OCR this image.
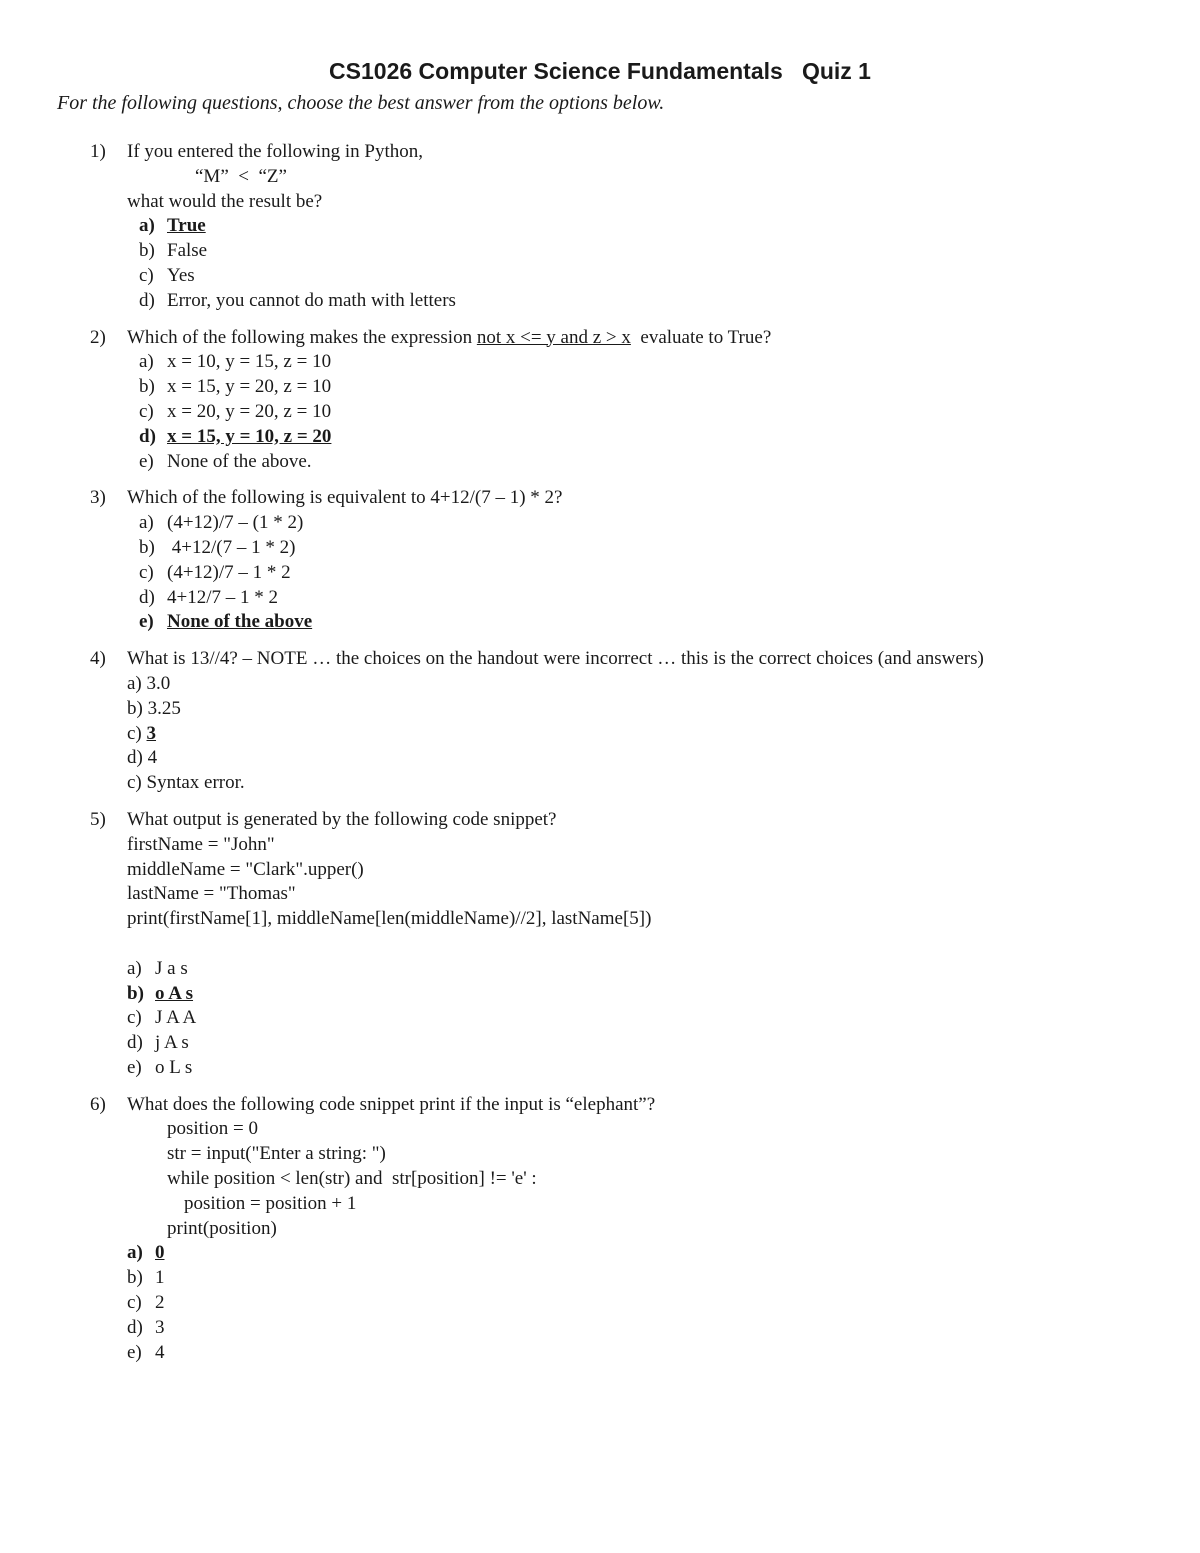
CS1026 Computer Science Fundamentals   Quiz 1

For the following questions, choose the best answer from the options below.

1) If you entered the following in Python,
“M”  <  “Z”
what would the result be?
a) True
b) False
c) Yes
d) Error, you cannot do math with letters
2) Which of the following makes the expression not x <= y and z > x  evaluate to True?
a) x = 10, y = 15, z = 10
b) x = 15, y = 20, z = 10
c) x = 20, y = 20, z = 10
d) x = 15, y = 10, z = 20
e) None of the above.
3) Which of the following is equivalent to 4+12/(7 – 1) * 2?
a) (4+12)/7 – (1 * 2)
b) 4+12/(7 – 1 * 2)
c) (4+12)/7 – 1 * 2
d) 4+12/7 – 1 * 2
e) None of the above
4) What is 13//4? – NOTE … the choices on the handout were incorrect … this is the correct choices (and answers)
a) 3.0
b) 3.25
c) 3
d) 4
c) Syntax error.
5) What output is generated by the following code snippet?
firstName = "John"
middleName = "Clark".upper()
lastName = "Thomas"
print(firstName[1], middleName[len(middleName)//2], lastName[5])
a) J a s
b) o A s
c) J A A
d) j A s
e) o L s
6) What does the following code snippet print if the input is “elephant”?
position = 0
str = input("Enter a string: ")
while position < len(str) and  str[position] != 'e' :
position = position + 1
print(position)
a) 0
b) 1
c) 2
d) 3
e) 4
